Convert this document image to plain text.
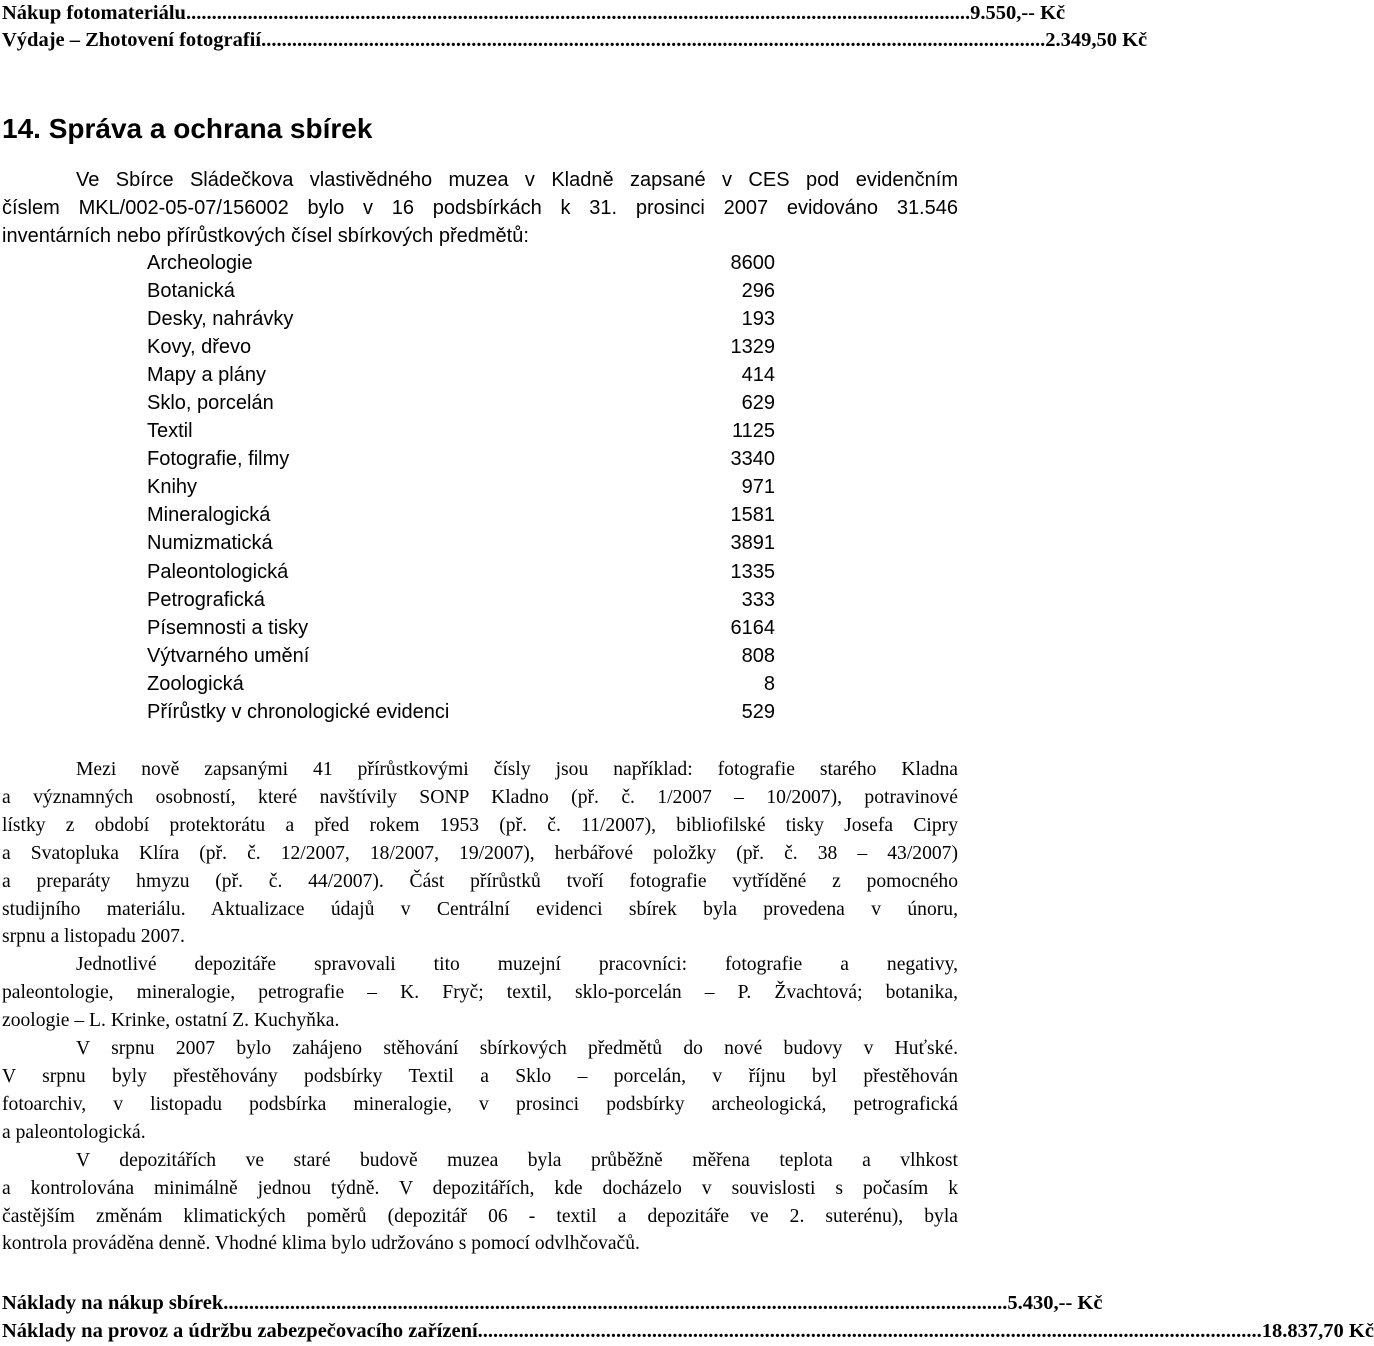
Nákup fotomateriálu......................................................................................................................................................... 9.550,-- Kč
Výdaje – Zhotovení fotografií......................................................................................................................................................... 2.349,50 Kč
14. Správa a ochrana sbírek
Ve Sbírce Sládečkova vlastivědného muzea v Kladně zapsané v CES pod evidenčním
číslem MKL/002-05-07/156002 bylo v 16 podsbírkách k 31. prosinci 2007 evidováno 31.546
inventárních nebo přírůstkových čísel sbírkových předmětů:
Archeologie	8600
Botanická	296
Desky, nahrávky	193
Kovy, dřevo	1329
Mapy a plány	414
Sklo, porcelán	629
Textil	1125
Fotografie, filmy	3340
Knihy	971
Mineralogická	1581
Numizmatická	3891
Paleontologická	1335
Petrografická	333
Písemnosti a tisky	6164
Výtvarného umění	808
Zoologická	8
Přírůstky v chronologické evidenci	529
Mezi nově zapsanými 41 přírůstkovými čísly jsou například: fotografie starého Kladna
a významných osobností, které navštívily SONP Kladno (př. č. 1/2007 – 10/2007), potravinové
lístky z období protektorátu a před rokem 1953 (př. č. 11/2007), bibliofilské tisky Josefa Cipry
a Svatopluka Klíra (př. č. 12/2007, 18/2007, 19/2007), herbářové položky (př. č. 38 – 43/2007)
a preparáty hmyzu (př. č. 44/2007). Část přírůstků tvoří fotografie vytříděné z pomocného
studijního materiálu. Aktualizace údajů v Centrální evidenci sbírek byla provedena v únoru,
srpnu a listopadu 2007.
Jednotlivé depozitáře spravovali tito muzejní pracovníci: fotografie a negativy,
paleontologie, mineralogie, petrografie – K. Fryč; textil, sklo-porcelán – P. Žvachtová; botanika,
zoologie – L. Krinke, ostatní Z. Kuchyňka.
V srpnu 2007 bylo zahájeno stěhování sbírkových předmětů do nové budovy v Huťské.
V srpnu byly přestěhovány podsbírky Textil a Sklo – porcelán, v říjnu byl přestěhován
fotoarchiv, v listopadu podsbírka mineralogie, v prosinci podsbírky archeologická, petrografická
a paleontologická.
V depozitářích ve staré budově muzea byla průběžně měřena teplota a vlhkost
a kontrolována minimálně jednou týdně. V depozitářích, kde docházelo v souvislosti s počasím k
častějším změnám klimatických poměrů (depozitář 06 - textil a depozitáře ve 2. suterénu), byla
kontrola prováděna denně. Vhodné klima bylo udržováno s pomocí odvlhčovačů.
Náklady na nákup sbírek......................................................................................................................................................... 5.430,-- Kč
Náklady na provoz a údržbu zabezpečovacího zařízení......................................................................................................................................................... 18.837,70 Kč
